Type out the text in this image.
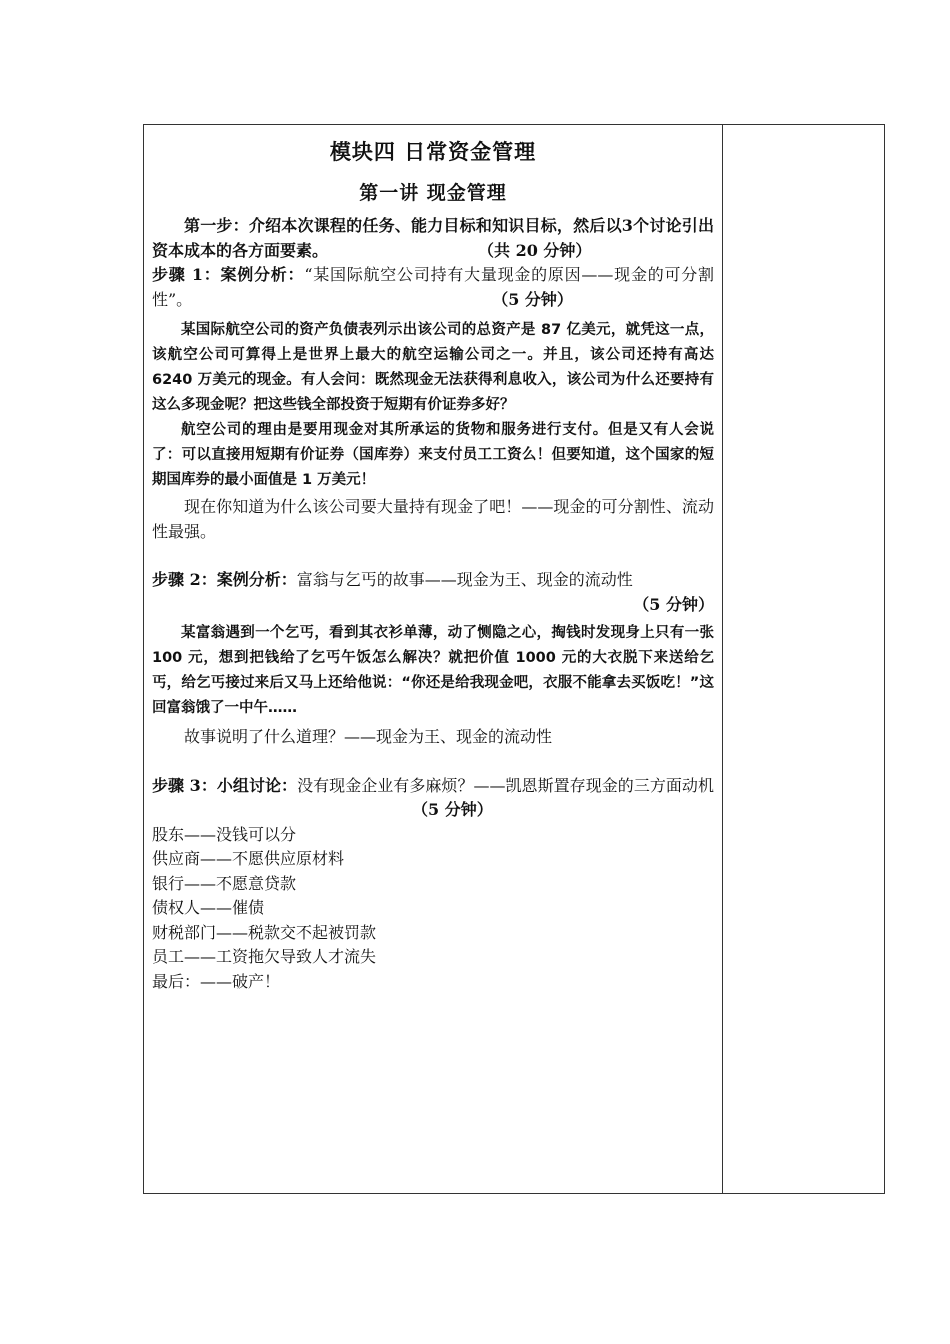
模块四 日常资金管理
第一讲 现金管理

第一步：介绍本次课程的任务、能力目标和知识目标，然后以3个讨论引出资本成本的各方面要素。	（共 20 分钟）

步骤 1：案例分析：“某国际航空公司持有大量现金的原因——现金的可分割性”。	（5 分钟）

某国际航空公司的资产负债表列示出该公司的总资产是 87 亿美元，就凭这一点，该航空公司可算得上是世界上最大的航空运输公司之一。并且，该公司还持有高达 6240 万美元的现金。有人会问：既然现金无法获得利息收入，该公司为什么还要持有这么多现金呢？把这些钱全部投资于短期有价证券多好？

航空公司的理由是要用现金对其所承运的货物和服务进行支付。但是又有人会说了：可以直接用短期有价证券（国库券）来支付员工工资么！但要知道，这个国家的短期国库券的最小面值是 1 万美元！

现在你知道为什么该公司要大量持有现金了吧！——现金的可分割性、流动性最强。

步骤 2：案例分析：富翁与乞丐的故事——现金为王、现金的流动性

（5 分钟）

某富翁遇到一个乞丐，看到其衣衫单薄，动了恻隐之心，掏钱时发现身上只有一张 100 元，想到把钱给了乞丐午饭怎么解决？就把价值 1000 元的大衣脱下来送给乞丐，给乞丐接过来后又马上还给他说：“你还是给我现金吧，衣服不能拿去买饭吃！”这回富翁饿了一中午……

故事说明了什么道理？——现金为王、现金的流动性

步骤 3：小组讨论：没有现金企业有多麻烦？——凯恩斯置存现金的三方面动机（5 分钟）

股东——没钱可以分

供应商——不愿供应原材料

银行——不愿意贷款

债权人——催债

财税部门——税款交不起被罚款

员工——工资拖欠导致人才流失

最后：——破产！
